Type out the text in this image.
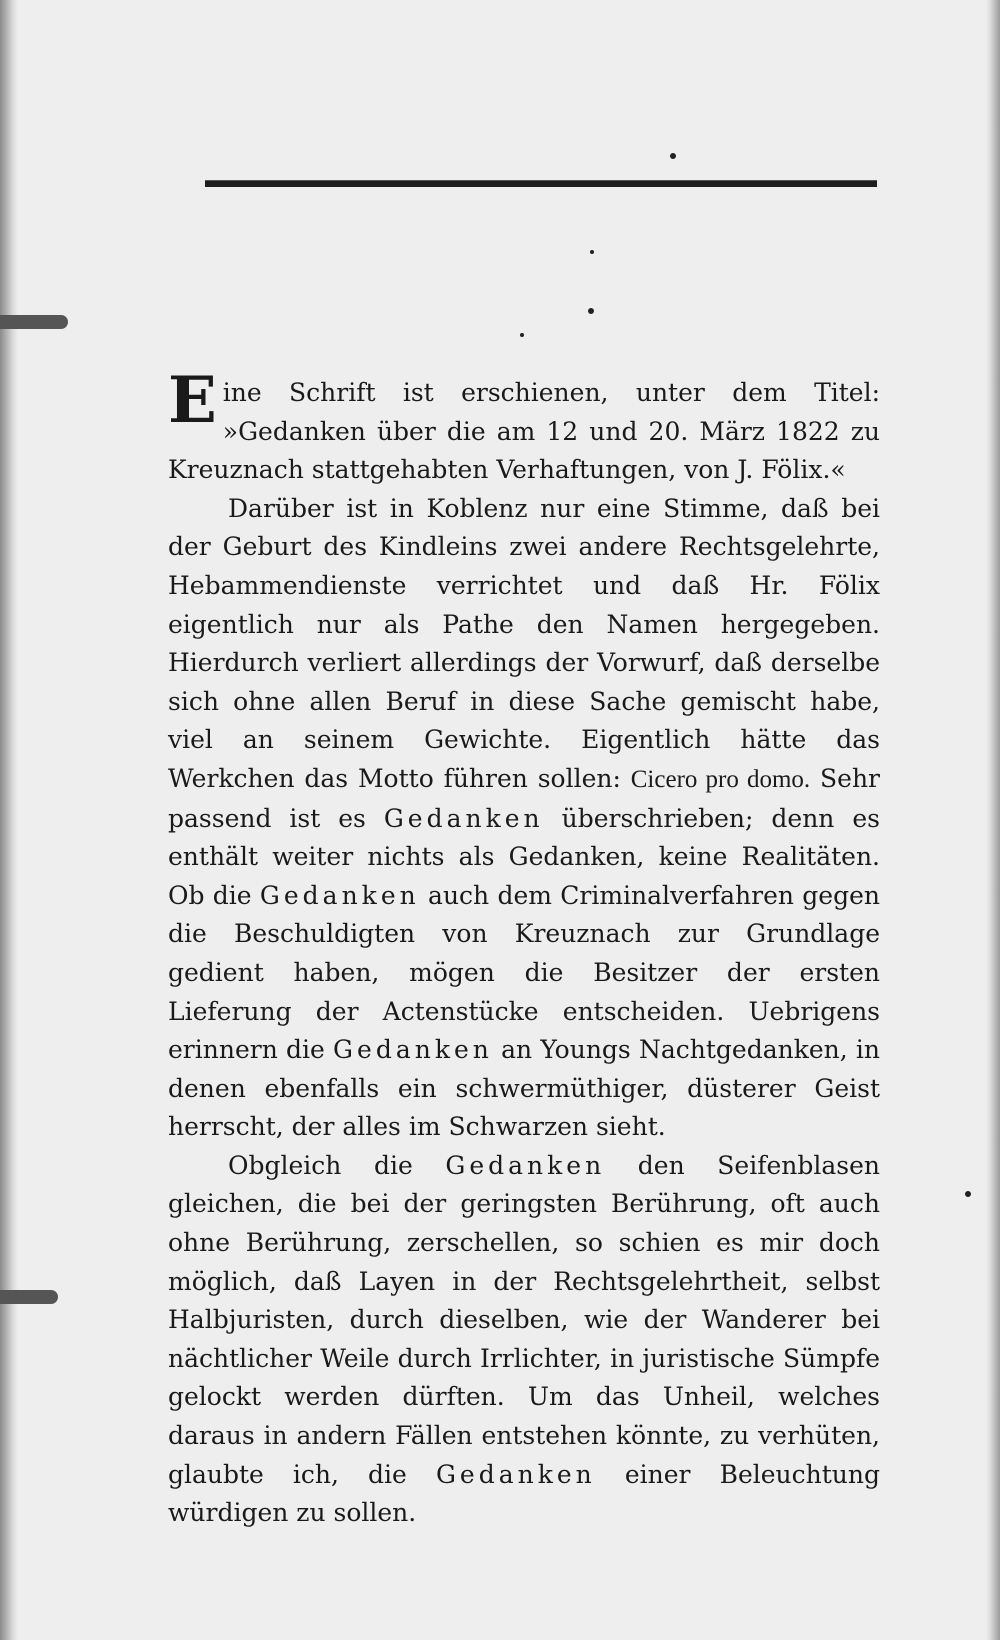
Eine Schrift ist erschienen, unter dem Titel: »Gedanken über die am 12 und 20. März 1822 zu Kreuznach stattgehabten Verhaftungen, von J. Fölix.«

Darüber ist in Koblenz nur eine Stimme, daß bei der Geburt des Kindleins zwei andere Rechtsgelehrte, Hebammendienste verrichtet und daß Hr. Fölix eigentlich nur als Pathe den Namen hergegeben. Hierdurch verliert allerdings der Vorwurf, daß derselbe sich ohne allen Beruf in diese Sache gemischt habe, viel an seinem Gewichte. Eigentlich hätte das Werkchen das Motto führen sollen: Cicero pro domo. Sehr passend ist es Gedanken überschrieben; denn es enthält weiter nichts als Gedanken, keine Realitäten. Ob die Gedanken auch dem Criminalverfahren gegen die Beschuldigten von Kreuznach zur Grundlage gedient haben, mögen die Besitzer der ersten Lieferung der Actenstücke entscheiden. Uebrigens erinnern die Gedanken an Youngs Nachtgedanken, in denen ebenfalls ein schwermüthiger, düsterer Geist herrscht, der alles im Schwarzen sieht.

Obgleich die Gedanken den Seifenblasen gleichen, die bei der geringsten Berührung, oft auch ohne Berührung, zerschellen, so schien es mir doch möglich, daß Layen in der Rechtsgelehrtheit, selbst Halbjuristen, durch dieselben, wie der Wanderer bei nächtlicher Weile durch Irrlichter, in juristische Sümpfe gelockt werden dürften. Um das Unheil, welches daraus in andern Fällen entstehen könnte, zu verhüten, glaubte ich, die Gedanken einer Beleuchtung würdigen zu sollen.
